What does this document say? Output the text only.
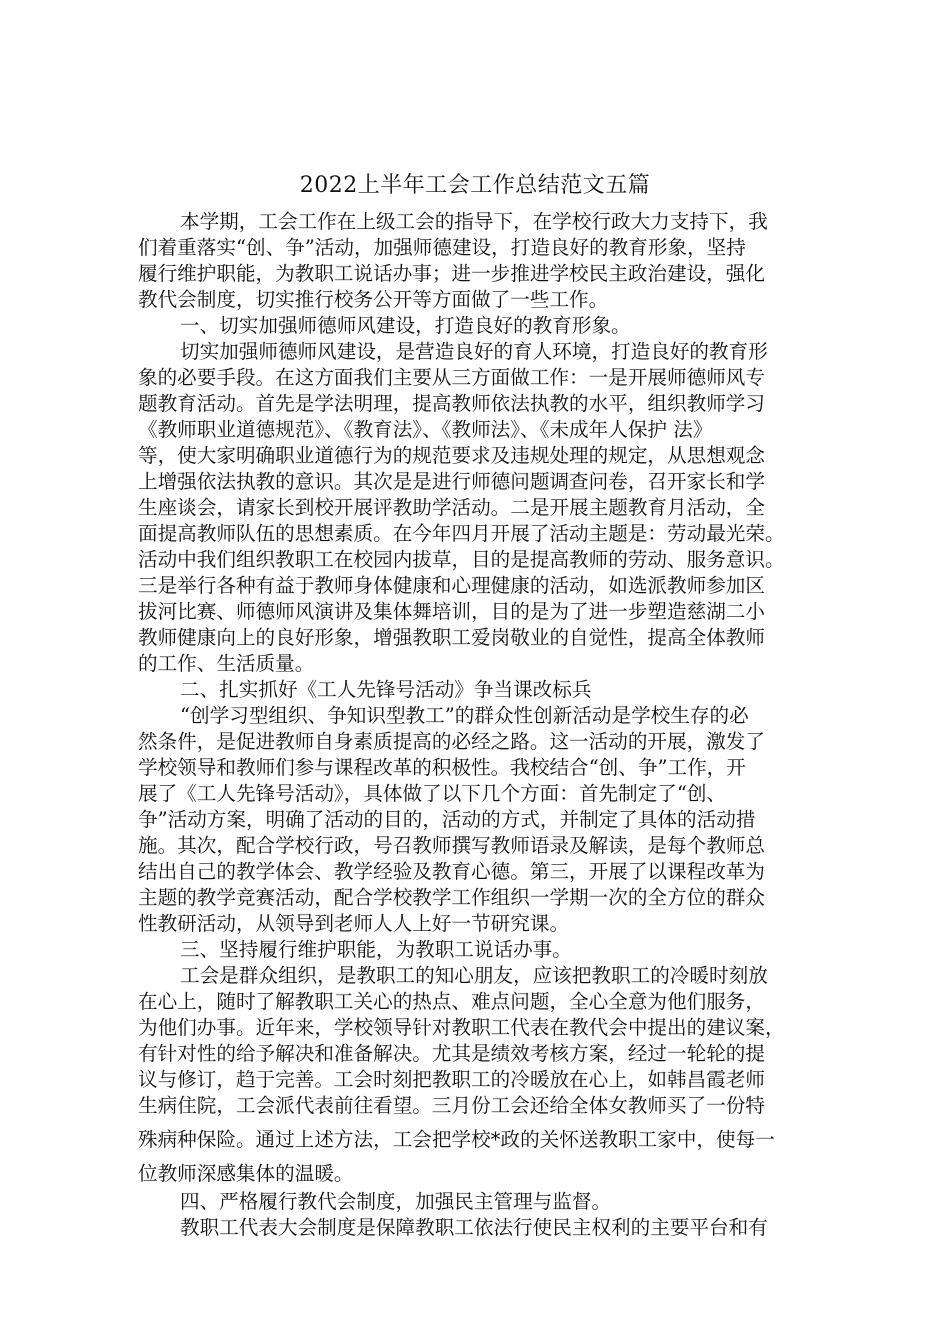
2022上半年工会工作总结范文五篇
本学期，工会工作在上级工会的指导下，在学校行政大力支持下，我
们着重落实“创、争”活动，加强师德建设，打造良好的教育形象，坚持
履行维护职能，为教职工说话办事；进一步推进学校民主政治建设，强化
教代会制度，切实推行校务公开等方面做了一些工作。
一、切实加强师德师风建设，打造良好的教育形象。
切实加强师德师风建设，是营造良好的育人环境，打造良好的教育形
象的必要手段。在这方面我们主要从三方面做工作：一是开展师德师风专
题教育活动。首先是学法明理，提高教师依法执教的水平，组织教师学习
《教师职业道德规范》、《教育法》、《教师法》、《未成年人保护 法》
等，使大家明确职业道德行为的规范要求及违规处理的规定，从思想观念
上增强依法执教的意识。其次是是进行师德问题调查问卷，召开家长和学
生座谈会，请家长到校开展评教助学活动。二是开展主题教育月活动，全
面提高教师队伍的思想素质。在今年四月开展了活动主题是：劳动最光荣。
活动中我们组织教职工在校园内拔草，目的是提高教师的劳动、服务意识。
三是举行各种有益于教师身体健康和心理健康的活动，如选派教师参加区
拔河比赛、师德师风演讲及集体舞培训，目的是为了进一步塑造慈湖二小
教师健康向上的良好形象，增强教职工爱岗敬业的自觉性，提高全体教师
的工作、生活质量。
二、扎实抓好《工人先锋号活动》争当课改标兵
“创学习型组织、争知识型教工”的群众性创新活动是学校生存的必
然条件，是促进教师自身素质提高的必经之路。这一活动的开展，激发了
学校领导和教师们参与课程改革的积极性。我校结合“创、争”工作，开
展了《工人先锋号活动》，具体做了以下几个方面：首先制定了“创、
争”活动方案，明确了活动的目的，活动的方式，并制定了具体的活动措
施。其次，配合学校行政，号召教师撰写教师语录及解读，是每个教师总
结出自己的教学体会、教学经验及教育心德。第三，开展了以课程改革为
主题的教学竞赛活动，配合学校教学工作组织一学期一次的全方位的群众
性教研活动，从领导到老师人人上好一节研究课。
三、坚持履行维护职能，为教职工说话办事。
工会是群众组织，是教职工的知心朋友，应该把教职工的冷暖时刻放
在心上，随时了解教职工关心的热点、难点问题，全心全意为他们服务，
为他们办事。近年来，学校领导针对教职工代表在教代会中提出的建议案，
有针对性的给予解决和准备解决。尤其是绩效考核方案，经过一轮轮的提
议与修订，趋于完善。工会时刻把教职工的冷暖放在心上，如韩昌霞老师
生病住院，工会派代表前往看望。三月份工会还给全体女教师买了一份特
殊病种保险。通过上述方法，工会把学校*政的关怀送教职工家中，使每一
位教师深感集体的温暖。
四、严格履行教代会制度，加强民主管理与监督。
教职工代表大会制度是保障教职工依法行使民主权利的主要平台和有
